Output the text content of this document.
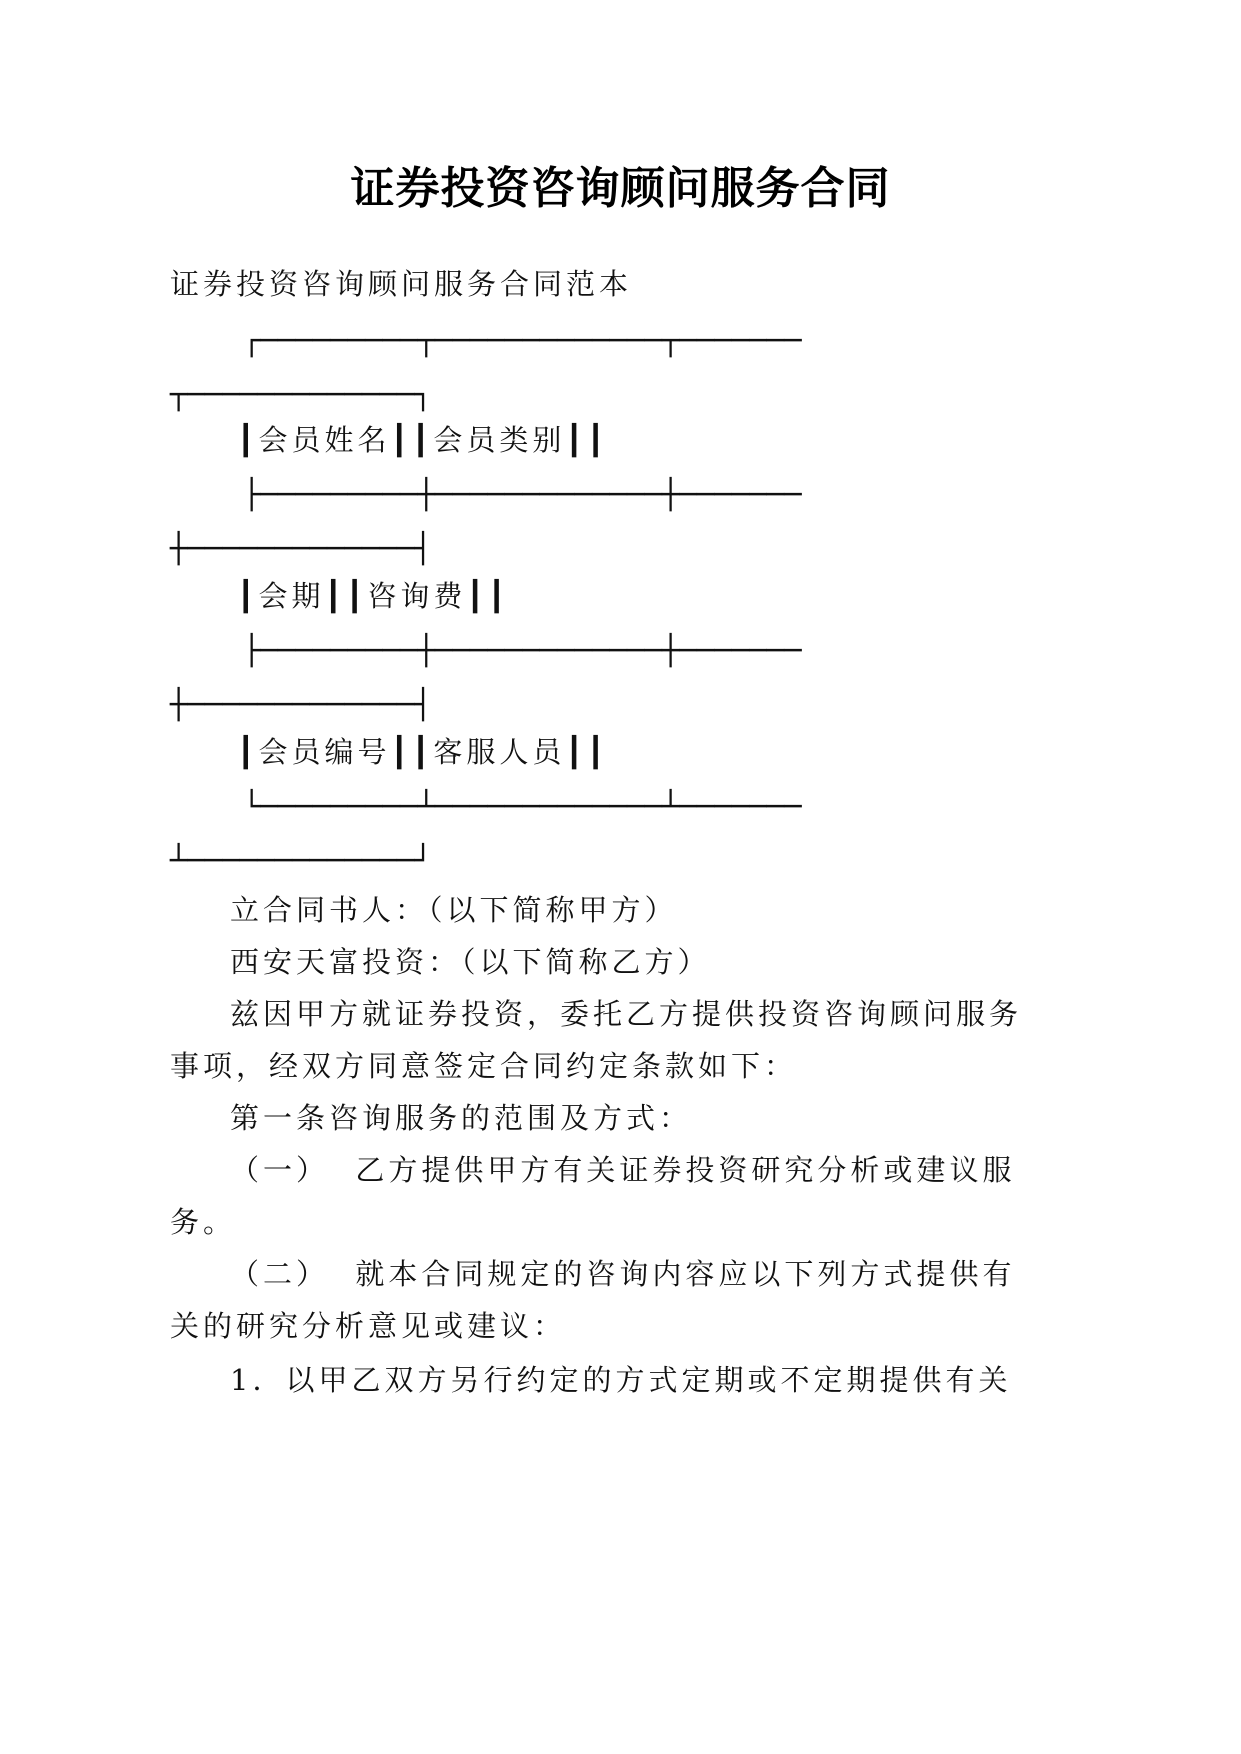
证券投资咨询顾问服务合同
证券投资咨询顾问服务合同范本
┌─────────┬─────────────┬───────
┬─────────────┐
┃会员姓名┃┃会员类别┃┃
├─────────┼─────────────┼───────
┼─────────────┤
┃会期┃┃咨询费┃┃
├─────────┼─────────────┼───────
┼─────────────┤
┃会员编号┃┃客服人员┃┃
└─────────┴─────────────┴───────
┴─────────────┘
立合同书人：（以下简称甲方）
西安天富投资：（以下简称乙方）
兹因甲方就证券投资，委托乙方提供投资咨询顾问服务
事项，经双方同意签定合同约定条款如下：
第一条咨询服务的范围及方式：
（一）  乙方提供甲方有关证券投资研究分析或建议服
务。
（二）  就本合同规定的咨询内容应以下列方式提供有
关的研究分析意见或建议：
1．以甲乙双方另行约定的方式定期或不定期提供有关
